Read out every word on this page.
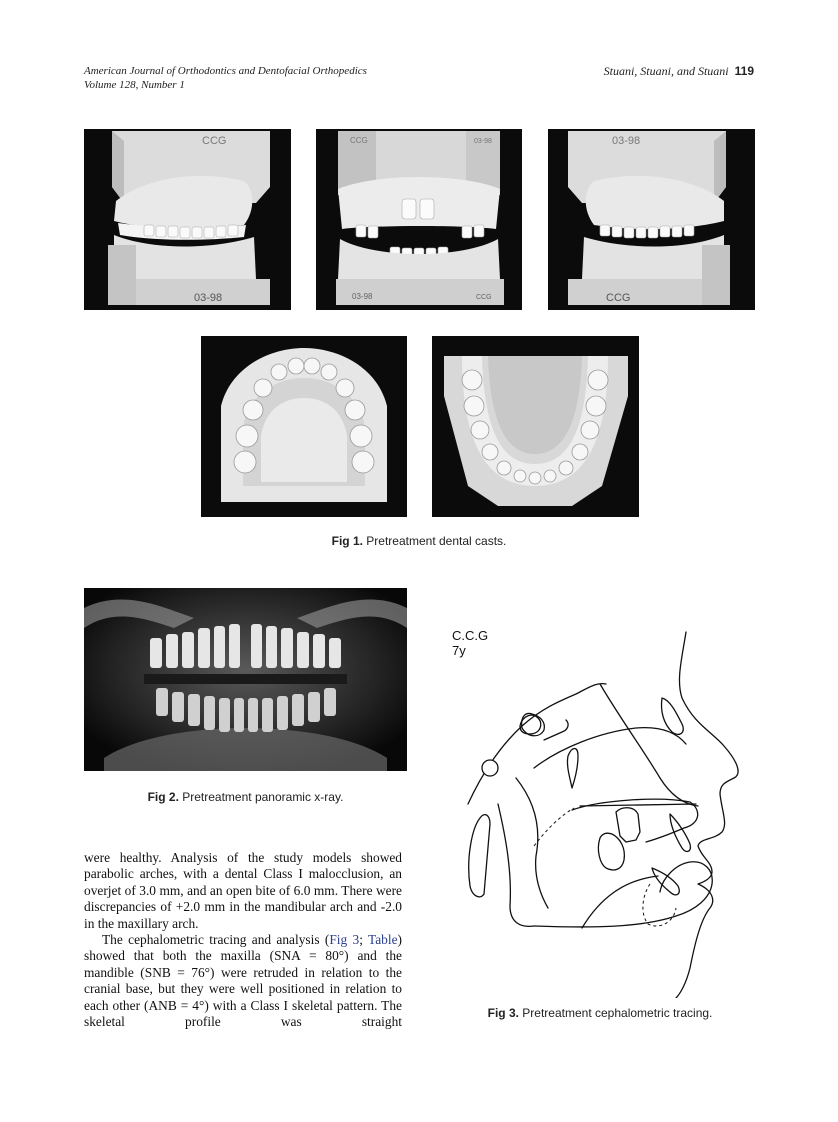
American Journal of Orthodontics and Dentofacial Orthopedics
Volume 128, Number 1
Stuani, Stuani, and Stuani 119
CCG
03-98
CCG	03-98
03-98	CCG
03-98
CCG
Fig 1. Pretreatment dental casts.
Fig 2. Pretreatment panoramic x-ray.

were healthy. Analysis of the study models showed parabolic arches, with a dental Class I malocclusion, an overjet of 3.0 mm, and an open bite of 6.0 mm. There were discrepancies of +2.0 mm in the mandibular arch and -2.0 in the maxillary arch.

The cephalometric tracing and analysis (Fig 3; Table) showed that both the maxilla (SNA = 80°) and the mandible (SNB = 76°) were retruded in relation to the cranial base, but they were well positioned in relation to each other (ANB = 4°) with a Class I skeletal pattern. The skeletal profile was straight

C.C.G
7y
Fig 3. Pretreatment cephalometric tracing.
